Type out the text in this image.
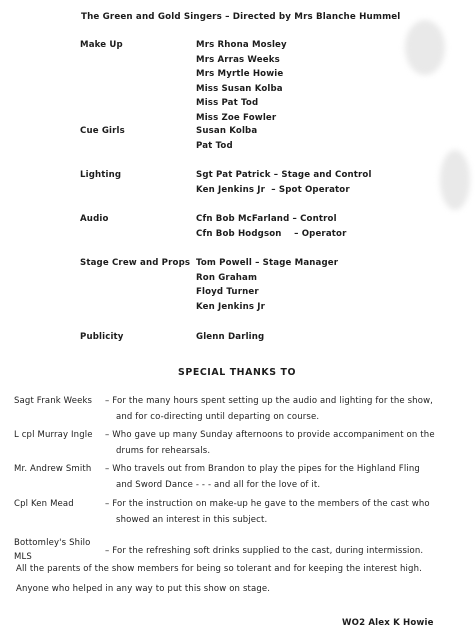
The Green and Gold Singers – Directed by Mrs Blanche Hummel
Make Up	Mrs Rhona Mosley
Mrs Arras Weeks
Mrs Myrtle Howie
Miss Susan Kolba
Miss Pat Tod
Miss Zoe Fowler
Cue Girls	Susan Kolba
Pat Tod
Lighting	Sgt Pat Patrick – Stage and Control
Ken Jenkins Jr  – Spot Operator
Audio	Cfn Bob McFarland – Control
Cfn Bob Hodgson    – Operator
Stage Crew and Props Tom Powell – Stage Manager
Ron Graham
Floyd Turner
Ken Jenkins Jr
Publicity	Glenn Darling
SPECIAL THANKS TO
Sagt Frank Weeks – For the many hours spent setting up the audio and lighting for the show,
and for co-directing until departing on course.
L cpl Murray Ingle – Who gave up many Sunday afternoons to provide accompaniment on the
drums for rehearsals.
Mr. Andrew Smith – Who travels out from Brandon to play the pipes for the Highland Fling
and Sword Dance - - - and all for the love of it.
Cpl Ken Mead	– For the instruction on make-up he gave to the members of the cast who
showed an interest in this subject.
Bottomley's Shilo
MLS
– For the refreshing soft drinks supplied to the cast, during intermission.
All the parents of the show members for being so tolerant and for keeping the interest high.
Anyone who helped in any way to put this show on stage.
WO2 Alex K Howie
